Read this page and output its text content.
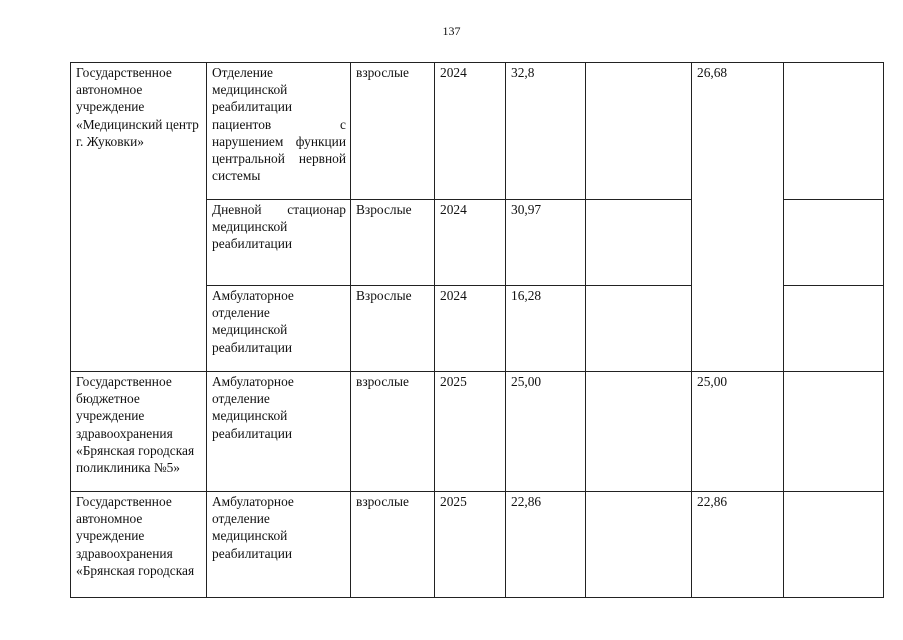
137
Государственное автономное учреждение «Медицинский центр г. Жуковки»	Отделение медицинской реабилитации пациентов с нарушением функции центральной нервной системы	взрослые	2024	32,8		26,68	
	Дневной стационар медицинской реабилитации	Взрослые	2024	30,97			
	Амбулаторное отделение медицинской реабилитации	Взрослые	2024	16,28			
Государственное бюджетное учреждение здравоохранения «Брянская городская поликлиника №5»	Амбулаторное отделение медицинской реабилитации	взрослые	2025	25,00		25,00	
Государственное автономное учреждение здравоохранения «Брянская городская	Амбулаторное отделение медицинской реабилитации	взрослые	2025	22,86		22,86	
